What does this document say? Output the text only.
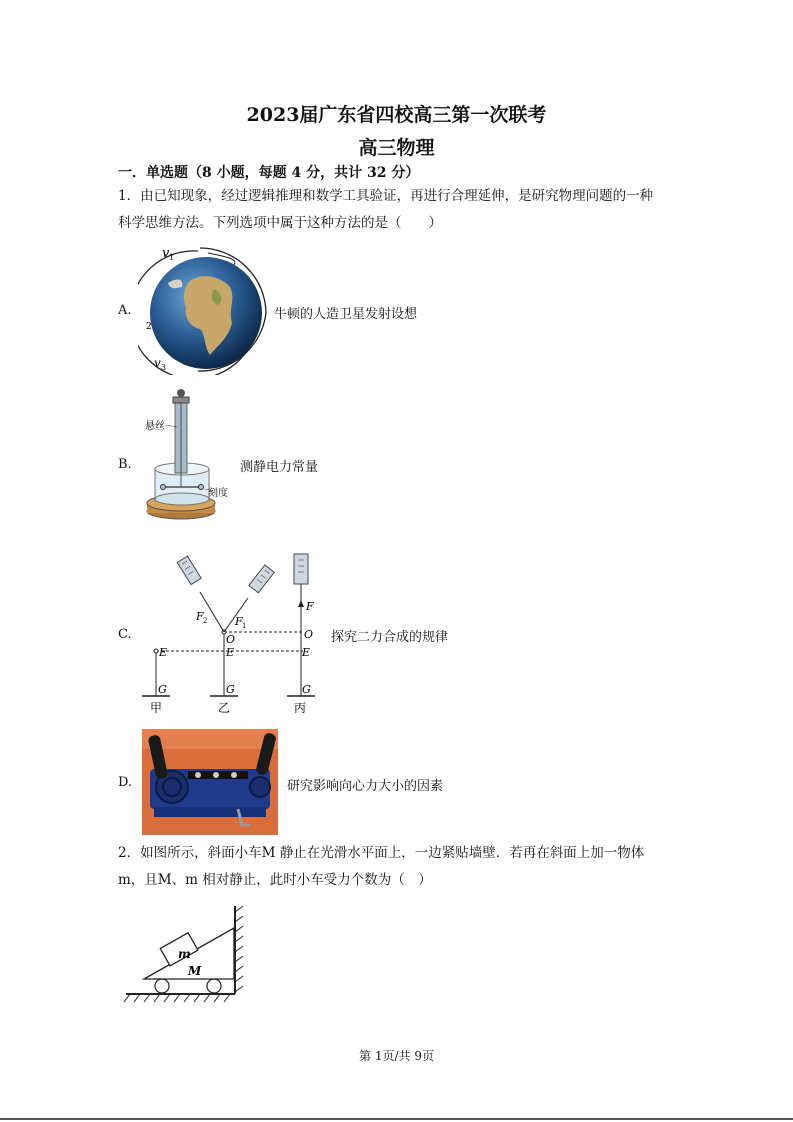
2023届广东省四校高三第一次联考
高三物理
一．单选题（8 小题，每题 4 分，共计 32 分）
1．由已知现象，经过逻辑推理和数学工具验证，再进行合理延伸，是研究物理问题的一种
科学思维方法。下列选项中属于这种方法的是（　　）
A.
v 1
2
v 3
牛顿的人造卫星发射设想
B.
悬丝
刻度
测静电力常量
C.
F
F 2	F 1
O	O
E	E	E
G	G	G
甲	乙	丙
探究二力合成的规律
D.	研究影响向心力大小的因素
2．如图所示，斜面小车M 静止在光滑水平面上，一边紧贴墙壁．若再在斜面上加一物体
m，且M、m 相对静止，此时小车受力个数为（　）
m
M
第 1页/共 9页
